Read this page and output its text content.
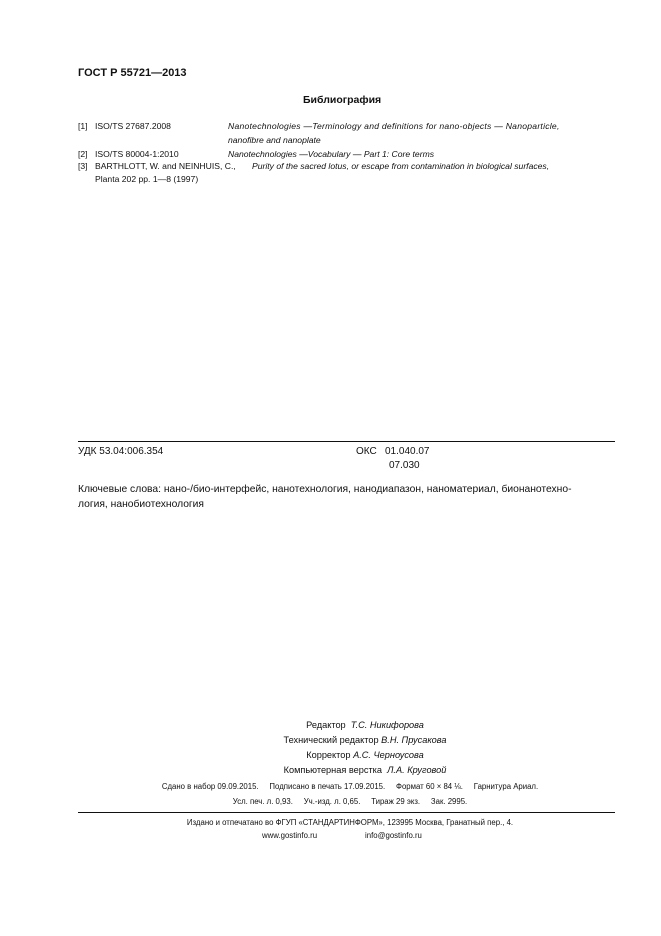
ГОСТ Р 55721—2013
Библиография
[1] ISO/TS 27687.2008	Nanotechnologies —Terminology and definitions for nano-objects — Nanoparticle,
nanofibre and nanoplate
[2] ISO/TS 80004-1:2010	Nanotechnologies —Vocabulary — Part 1: Core terms
[3] BARTHLOTT, W. and NEINHUIS, C., Purity of the sacred lotus, or escape from contamination in biological surfaces,
Planta 202 pp. 1—8 (1997)
УДК 53.04:006.354	ОКС 01.040.07
07.030
Ключевые слова: нано-/био-интерфейс, нанотехнология, нанодиапазон, наноматериал, бионанотехно-
логия, нанобиотехнология
Редактор Т.С. Никифорова
Технический редактор В.Н. Прусакова
Корректор А.С. Черноусова
Компьютерная верстка Л.А. Круговой
Сдано в набор 09.09.2015.     Подписано в печать 17.09.2015.     Формат 60 × 84 ⅛.     Гарнитура Ариал.
Усл. печ. л. 0,93.     Уч.-изд. л. 0,65.     Тираж 29 экз.     Зак. 2995.
Издано и отпечатано во ФГУП «СТАНДАРТИНФОРМ», 123995 Москва, Гранатный пер., 4.
www.gostinfo.ru	info@gostinfo.ru
